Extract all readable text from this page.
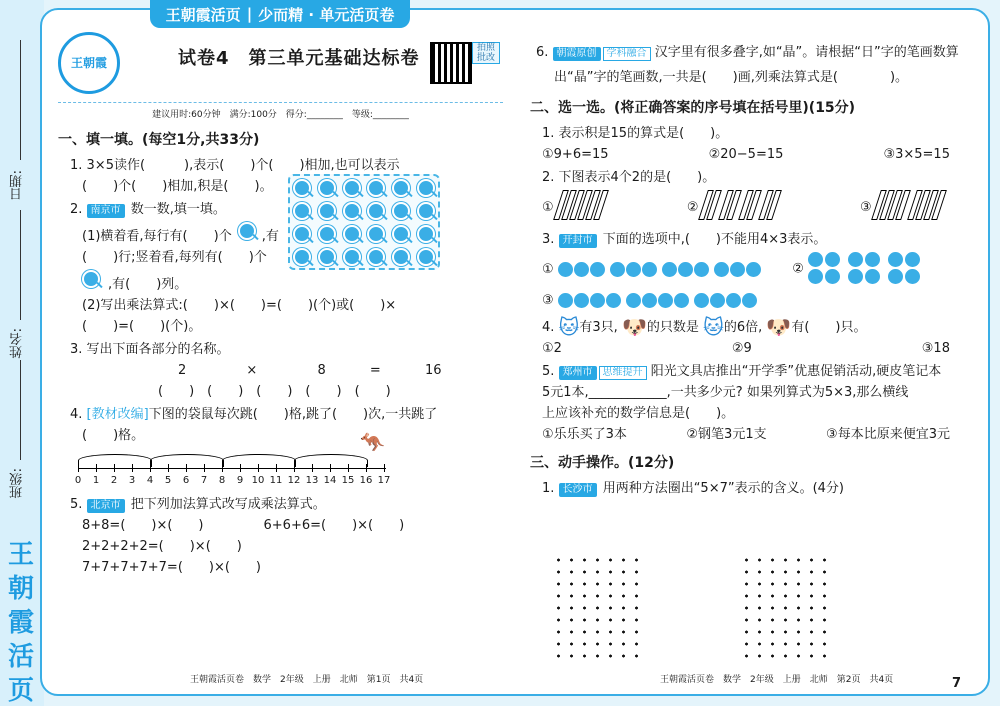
日期:
姓名:
班级:
王朝霞活页
王朝霞活页 | 少而精 · 单元活页卷
王朝霞	试卷4　第三单元基础达标卷	拍照批改
建议用时:60分钟　满分:100分　得分:________　等级:________
一、填一填。(每空1分,共33分)
1. 3×5读作(　　　),表示(　　)个(　　)相加,也可以表示
(　　)个(　　)相加,积是(　　)。
2. 南京市 数一数,填一填。
(1)横着看,每行有(　　)个 ,有
(　　)行;竖着看,每列有(　　)个
,有(　　)列。
(2)写出乘法算式:(　　)×(　　)=(　　)(个)或(　　)×
(　　)=(　　)(个)。
3. 写出下面各部分的名称。
2	×	8	=	16
(　　)　(　　)　(　　)　(　　)　(　　)
4. [教材改编]下图的袋鼠每次跳(　　)格,跳了(　　)次,一共跳了
(　　)格。	🦘
0	1	2	3	4	5	6	7	8	9 10 11 12 13 14 15 16 17
5. 北京市 把下列加法算式改写成乘法算式。
8+8=(　　)×(　　)	6+6+6=(　　)×(　　)
2+2+2+2=(　　)×(　　)
7+7+7+7+7=(　　)×(　　)
王朝霞活页卷　数学　2年级　上册　北师　第1页　共4页
6. 朝霞原创 学科融合 汉字里有很多叠字,如“晶”。请根据“日”字的笔画数算
出“晶”字的笔画数,一共是(　　)画,列乘法算式是(　　　　)。
二、选一选。(将正确答案的序号填在括号里)(15分)
1. 表示积是15的算式是(　　)。
①9+6=15	②20−5=15	③3×5=15
2. 下图表示4个2的是(　　)。
①	②	③
3. 开封市 下面的选项中,(　　)不能用4×3表示。
①	②
③
4. 🐱有3只, 🐶的只数是 🐱的6倍, 🐶有(　　)只。
①2	②9	③18
5. 郑州市 思维提升 阳光文具店推出“开学季”优惠促销活动,硬皮笔记本
5元1本,____________,一共多少元? 如果列算式为5×3,那么横线
上应该补充的数学信息是(　　)。
①乐乐买了3本	②钢笔3元1支	③每本比原来便宜3元
三、动手操作。(12分)
1. 长沙市 用两种方法圈出“5×7”表示的含义。(4分)
王朝霞活页卷　数学　2年级　上册　北师　第2页　共4页	7
